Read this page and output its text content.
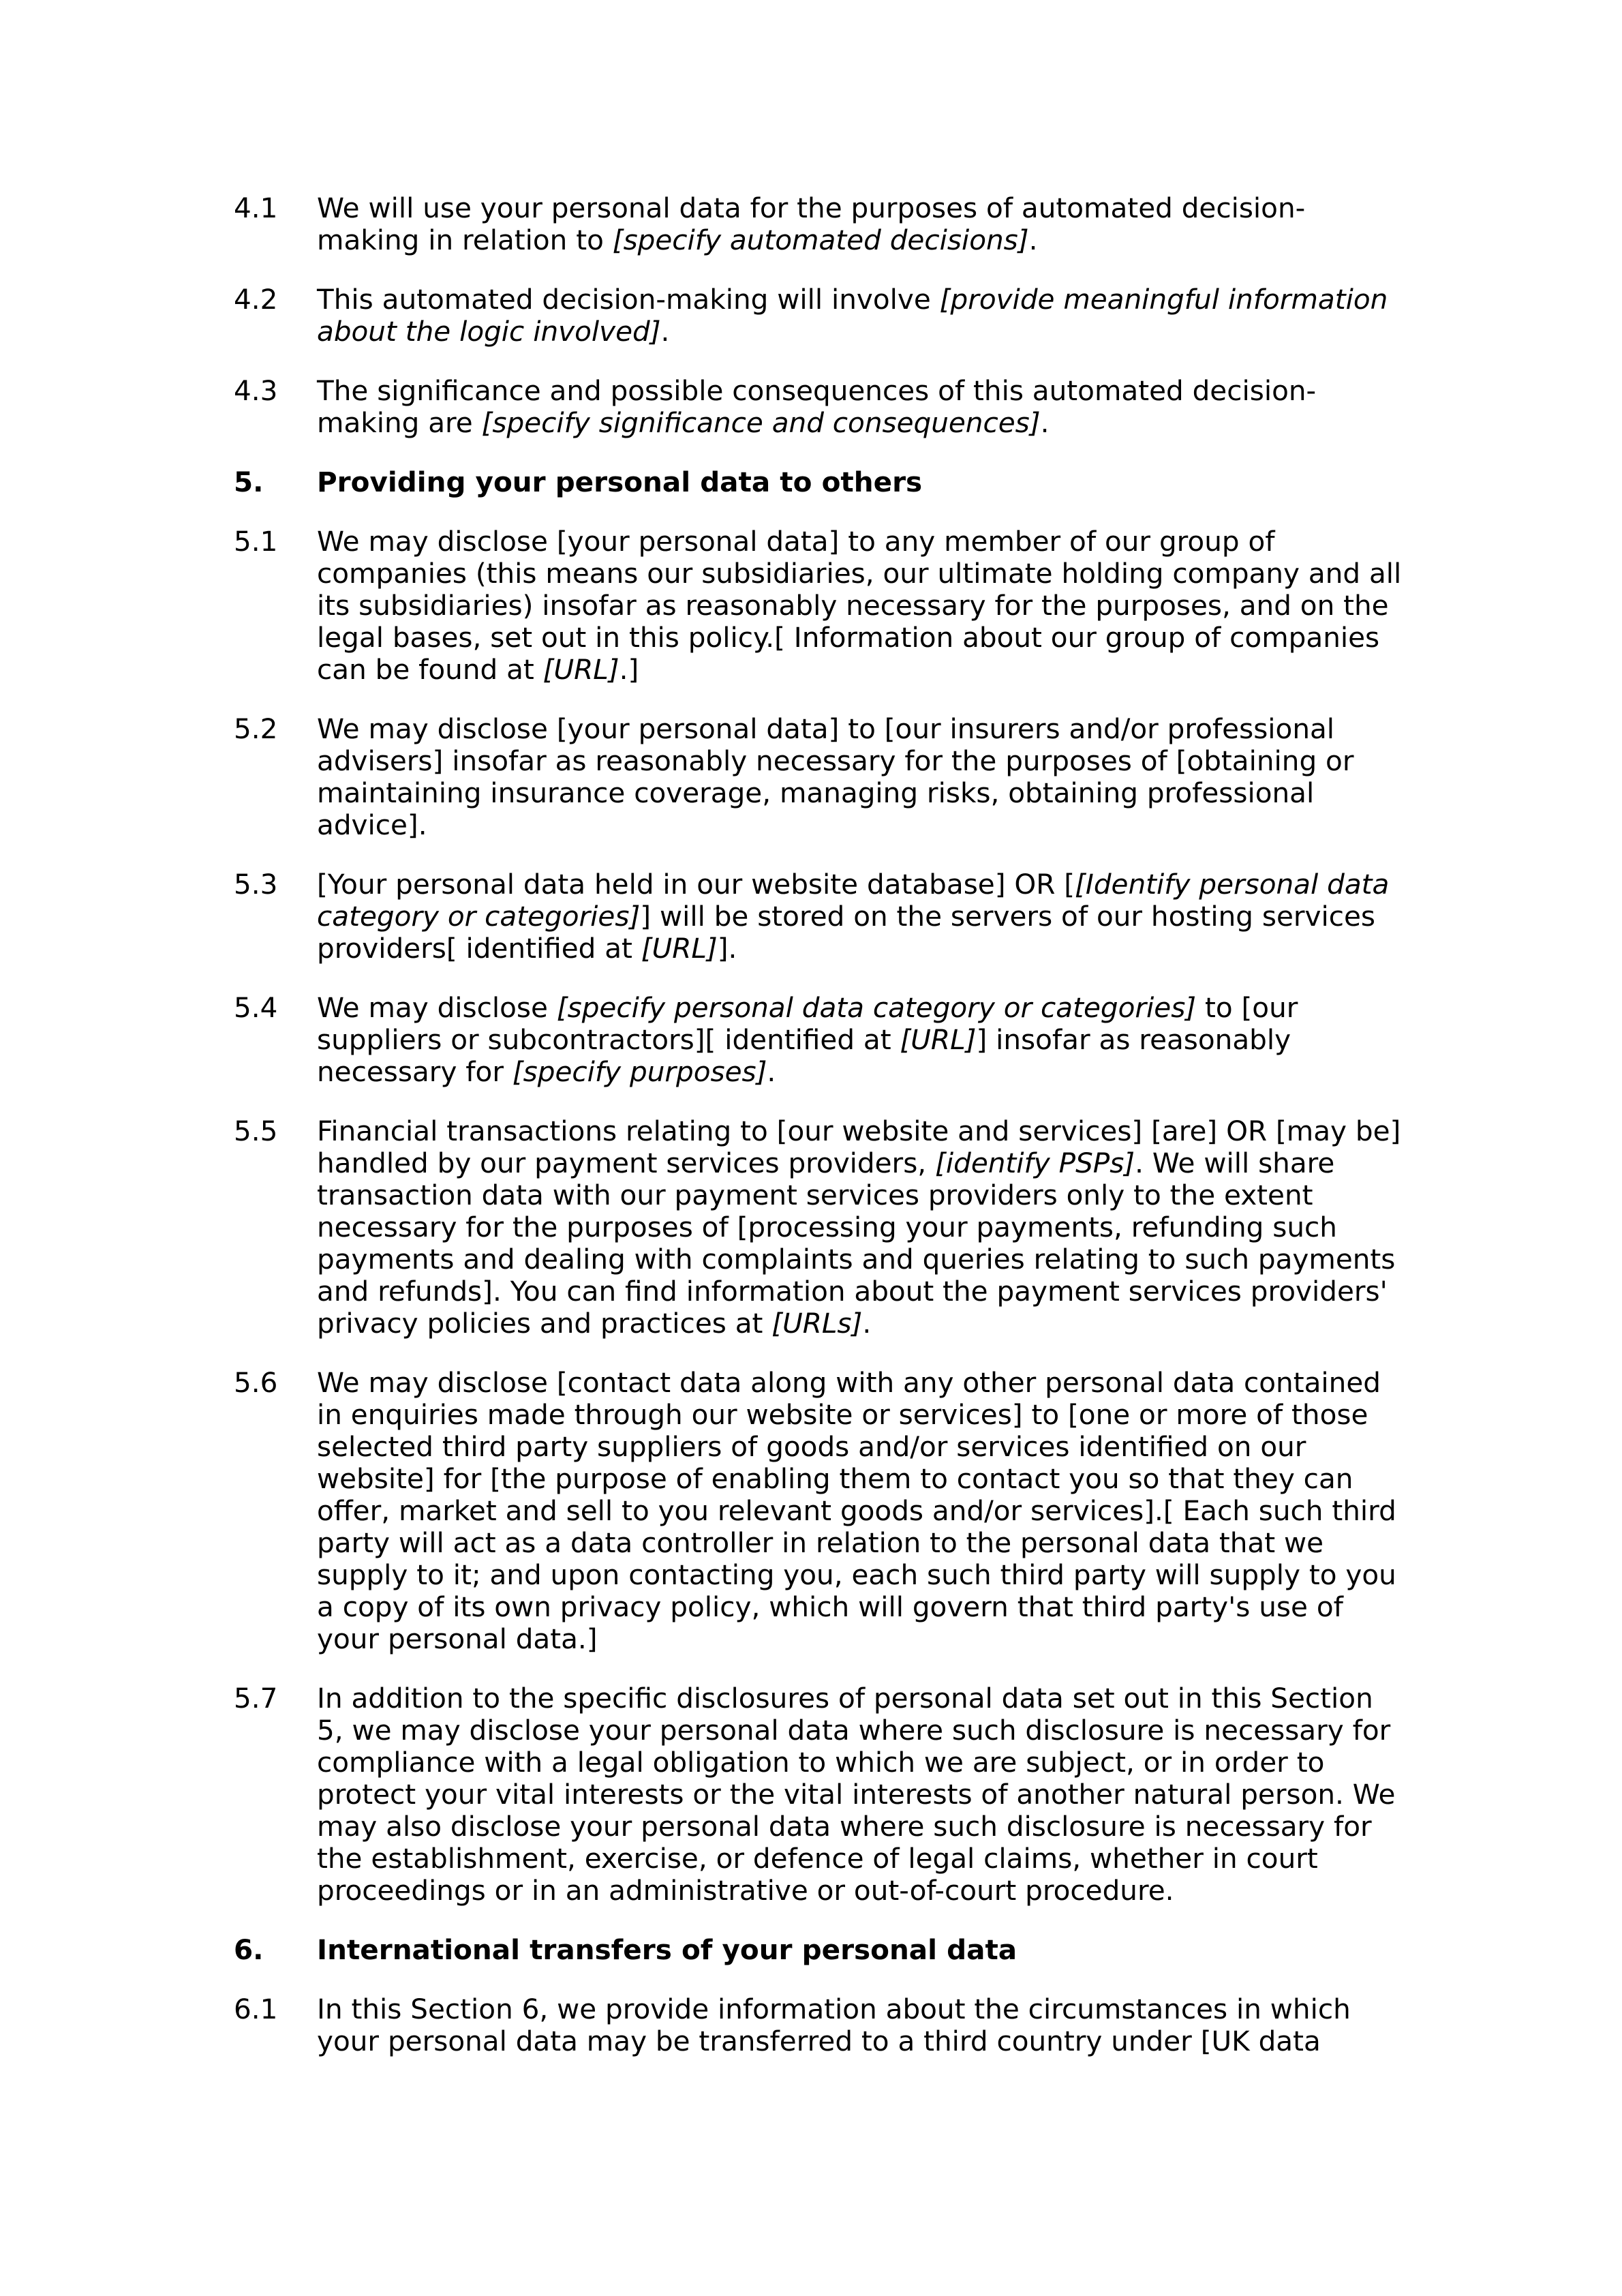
4.1	We will use your personal data for the purposes of automated decision-making in relation to [specify automated decisions].
4.2	This automated decision-making will involve [provide meaningful information about the logic involved].
4.3	The significance and possible consequences of this automated decision-making are [specify significance and consequences].
5.	Providing your personal data to others
5.1	We may disclose [your personal data] to any member of our group of companies (this means our subsidiaries, our ultimate holding company and all its subsidiaries) insofar as reasonably necessary for the purposes, and on the legal bases, set out in this policy.[ Information about our group of companies can be found at [URL].]
5.2	We may disclose [your personal data] to [our insurers and/or professional advisers] insofar as reasonably necessary for the purposes of [obtaining or maintaining insurance coverage, managing risks, obtaining professional advice].
5.3	[Your personal data held in our website database] OR [[Identify personal data category or categories]] will be stored on the servers of our hosting services providers[ identified at [URL]].
5.4	We may disclose [specify personal data category or categories] to [our suppliers or subcontractors][ identified at [URL]] insofar as reasonably necessary for [specify purposes].
5.5	Financial transactions relating to [our website and services] [are] OR [may be] handled by our payment services providers, [identify PSPs]. We will share transaction data with our payment services providers only to the extent necessary for the purposes of [processing your payments, refunding such payments and dealing with complaints and queries relating to such payments and refunds]. You can find information about the payment services providers' privacy policies and practices at [URLs].
5.6	We may disclose [contact data along with any other personal data contained in enquiries made through our website or services] to [one or more of those selected third party suppliers of goods and/or services identified on our website] for [the purpose of enabling them to contact you so that they can offer, market and sell to you relevant goods and/or services].[ Each such third party will act as a data controller in relation to the personal data that we supply to it; and upon contacting you, each such third party will supply to you a copy of its own privacy policy, which will govern that third party's use of your personal data.]
5.7	In addition to the specific disclosures of personal data set out in this Section 5, we may disclose your personal data where such disclosure is necessary for compliance with a legal obligation to which we are subject, or in order to protect your vital interests or the vital interests of another natural person. We may also disclose your personal data where such disclosure is necessary for the establishment, exercise, or defence of legal claims, whether in court proceedings or in an administrative or out-of-court procedure.
6.	International transfers of your personal data
6.1	In this Section 6, we provide information about the circumstances in which your personal data may be transferred to a third country under [UK data
